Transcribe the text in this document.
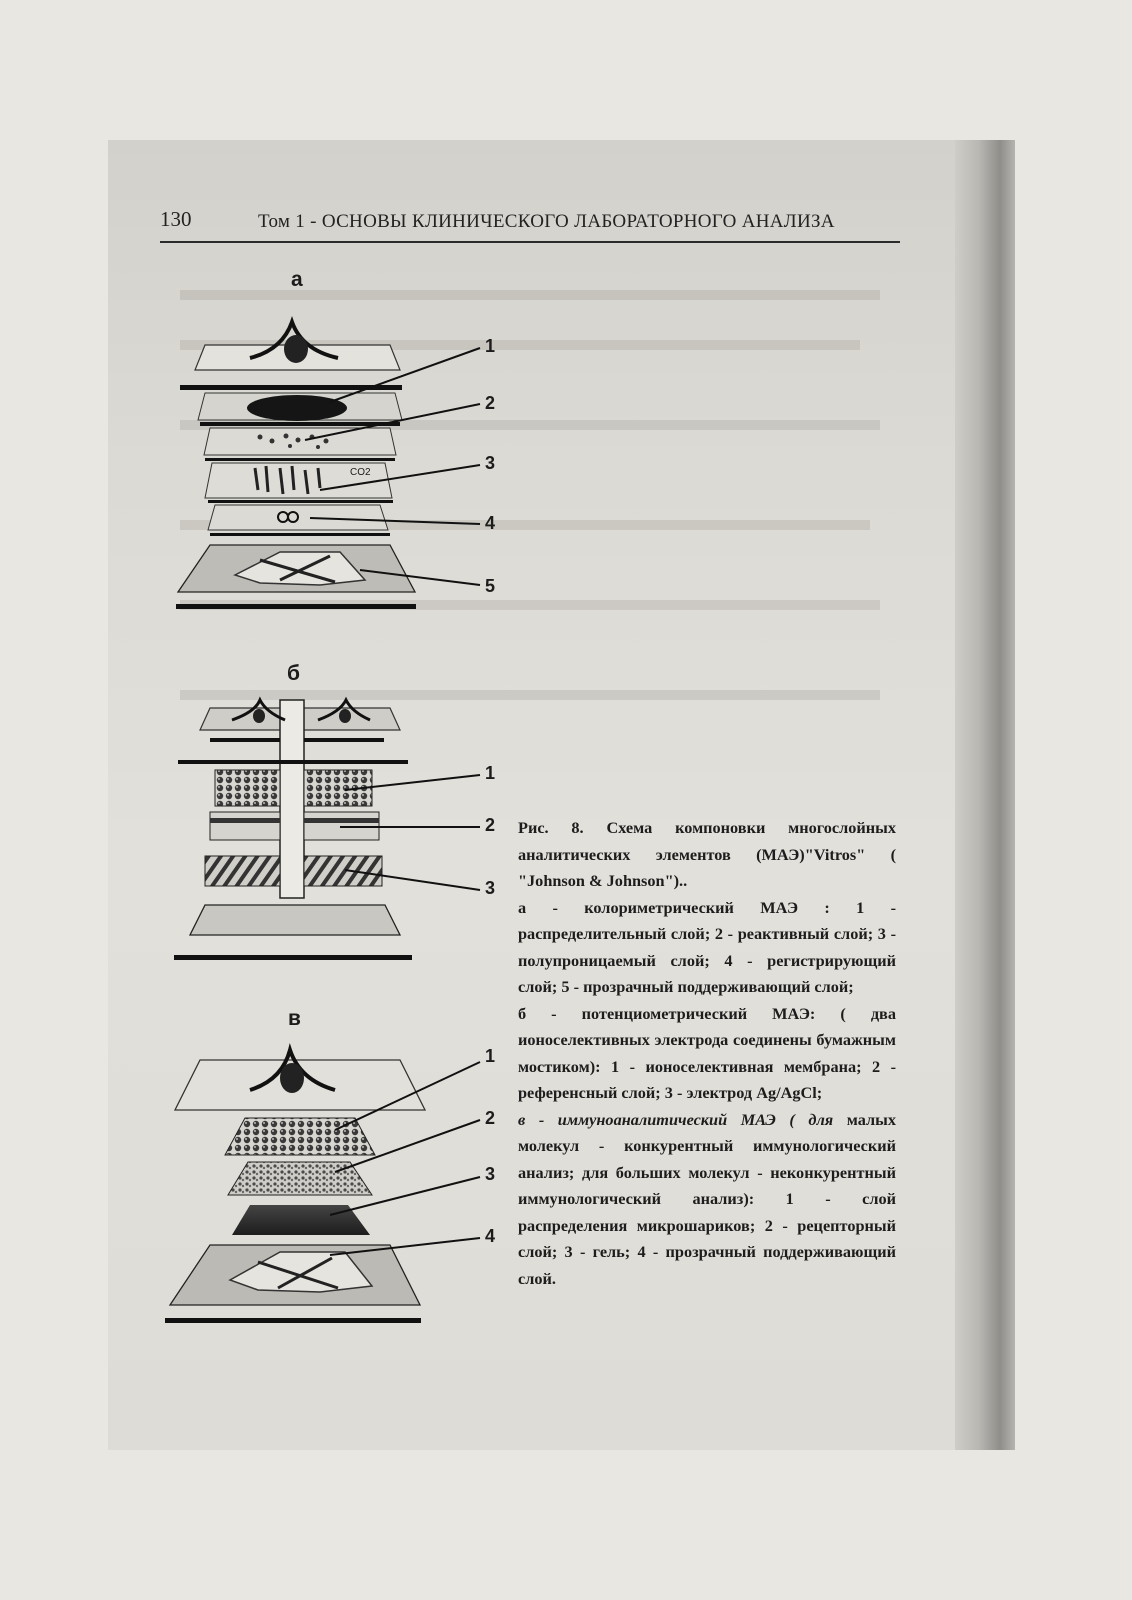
130	Том 1 - ОСНОВЫ КЛИНИЧЕСКОГО ЛАБОРАТОРНОГО АНАЛИЗА
а
б
в
CO2
1
2
3
4
5
1
2
3
1
2
3
4

Рис. 8. Схема компоновки многослойных аналитических элементов (МАЭ)"Vitros" ( "Johnson & Johnson")..

а - колориметрический МАЭ : 1 - распределительный слой; 2 - реактивный слой; 3 - полупроницаемый слой; 4 - регистрирующий слой; 5 - прозрачный поддерживающий слой;

б - потенциометрический МАЭ: ( два ионоселективных электрода соединены бумажным мостиком): 1 - ионоселективная мембрана; 2 - референсный слой; 3 - электрод Ag/AgCl;

в - иммуноаналитический МАЭ ( для малых молекул - конкурентный иммунологический анализ; для больших молекул - неконкурентный иммунологический анализ): 1 - слой распределения микрошариков; 2 - рецепторный слой; 3 - гель; 4 - прозрачный поддерживающий слой.
